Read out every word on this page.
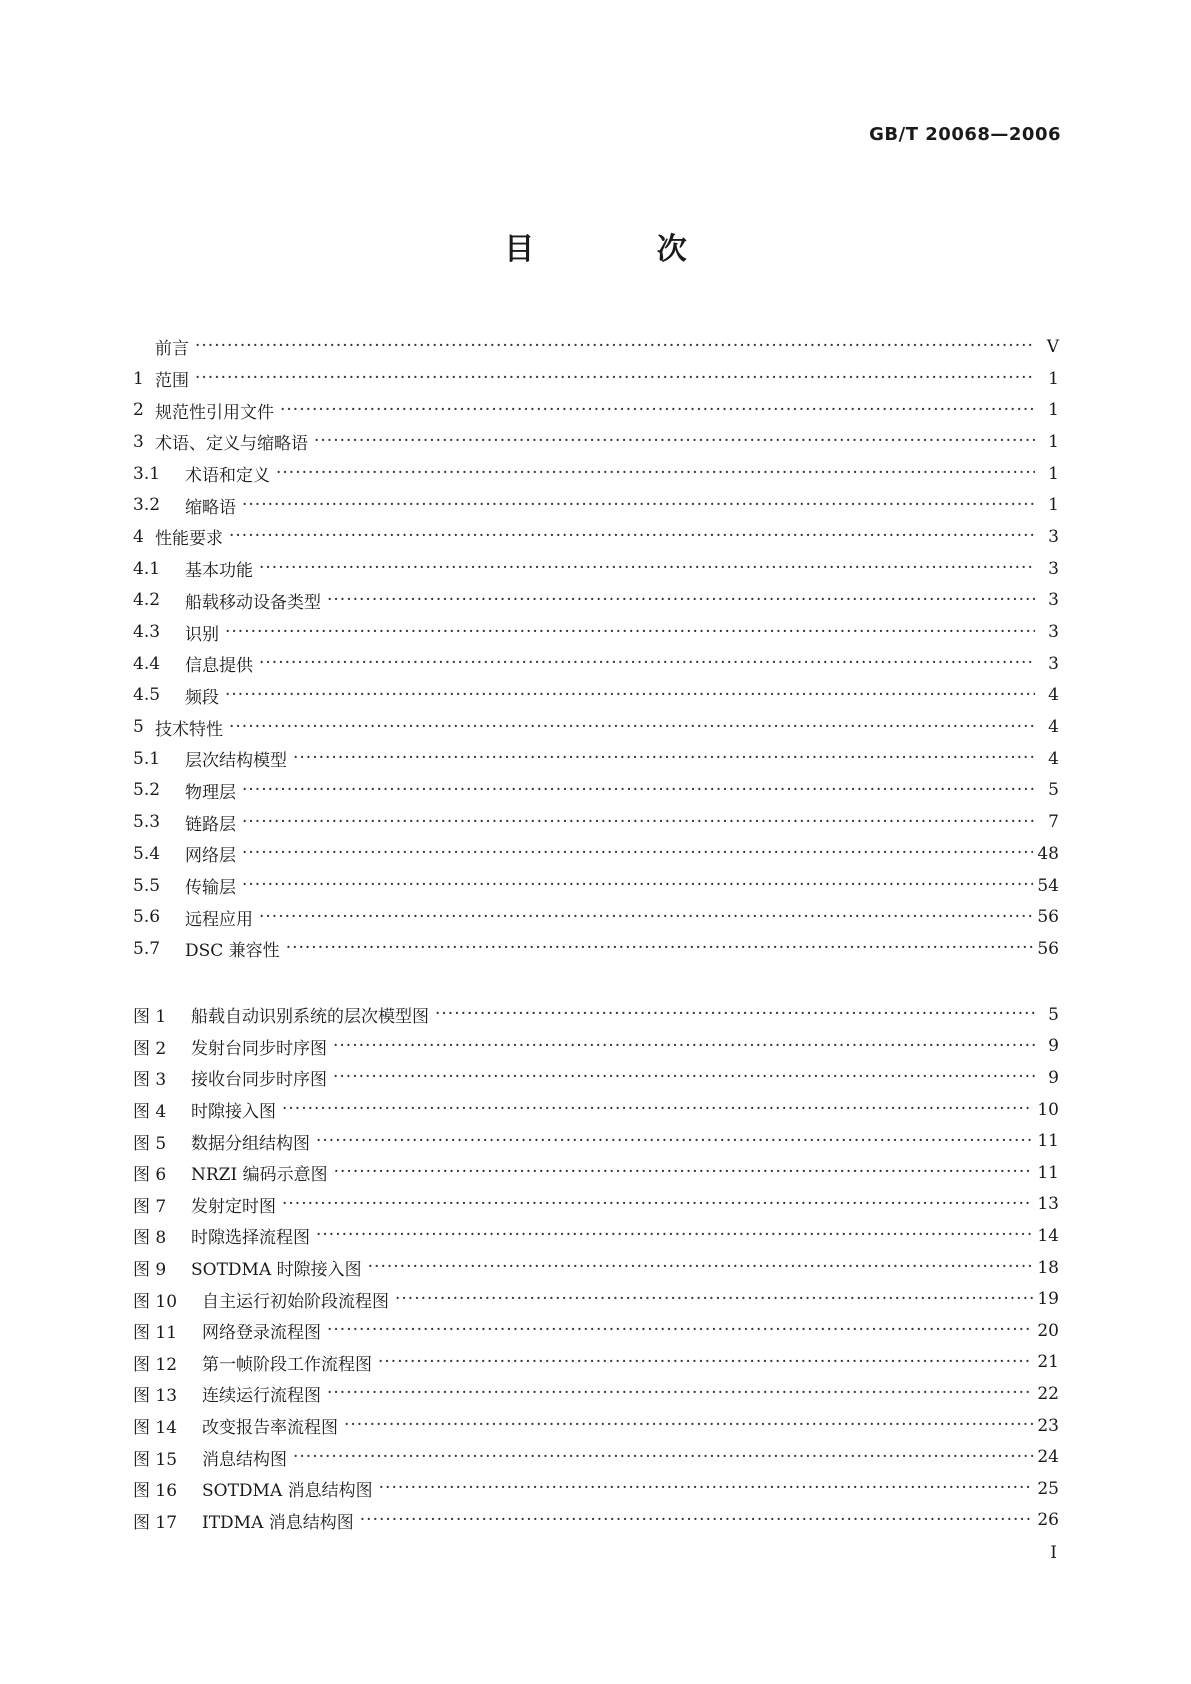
GB/T 20068—2006
目 次
前言 ·····	V
1 范围 ·····	1
2 规范性引用文件 ·····	1
3 术语、定义与缩略语 ·····	1
3.1	术语和定义 ·····	1
3.2	缩略语 ·····	1
4 性能要求 ·····	3
4.1	基本功能 ·····	3
4.2	船载移动设备类型 ·····	3
4.3	识别 ·····	3
4.4	信息提供 ·····	3
4.5	频段 ·····	4
5 技术特性 ·····	4
5.1	层次结构模型 ·····	4
5.2	物理层 ·····	5
5.3	链路层 ·····	7
5.4	网络层 ·····	48
5.5	传输层 ·····	54
5.6	远程应用 ·····	56
5.7	DSC 兼容性 ·····	56
图 1	船载自动识别系统的层次模型图 ·····	5
图 2	发射台同步时序图 ·····	9
图 3	接收台同步时序图 ·····	9
图 4	时隙接入图 ·····	10
图 5	数据分组结构图 ·····	11
图 6	NRZI 编码示意图 ·····	11
图 7	发射定时图 ·····	13
图 8	时隙选择流程图 ·····	14
图 9	SOTDMA 时隙接入图 ·····	18
图 10	自主运行初始阶段流程图 ·····	19
图 11	网络登录流程图 ·····	20
图 12	第一帧阶段工作流程图 ·····	21
图 13	连续运行流程图 ·····	22
图 14	改变报告率流程图 ·····	23
图 15	消息结构图 ·····	24
图 16	SOTDMA 消息结构图 ·····	25
图 17	ITDMA 消息结构图 ·····	26
I
